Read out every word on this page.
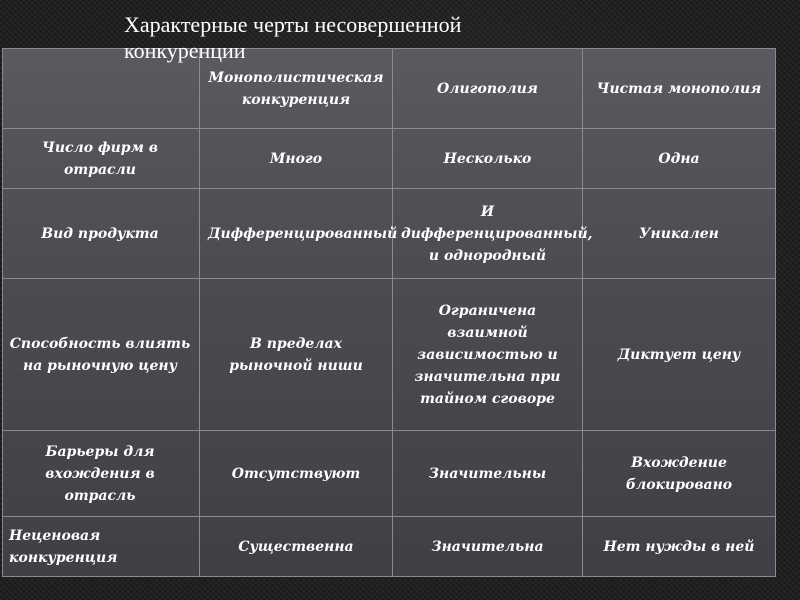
Характерные черты несовершенной
конкуренции
	Монополистическая конкуренция	Олигополия	Чистая монополия
Число фирм в отрасли	Много	Несколько	Одна
Вид продукта	Дифференцированный	И дифференцированный, и однородный	Уникален
Способность влиять на рыночную цену	В пределах рыночной ниши	Ограничена взаимной зависимостью и значительна при тайном сговоре	Диктует цену
Барьеры для вхождения в отрасль	Отсутствуют	Значительны	Вхождение блокировано
Неценовая конкуренция	Существенна	Значительна	Нет нужды в ней
